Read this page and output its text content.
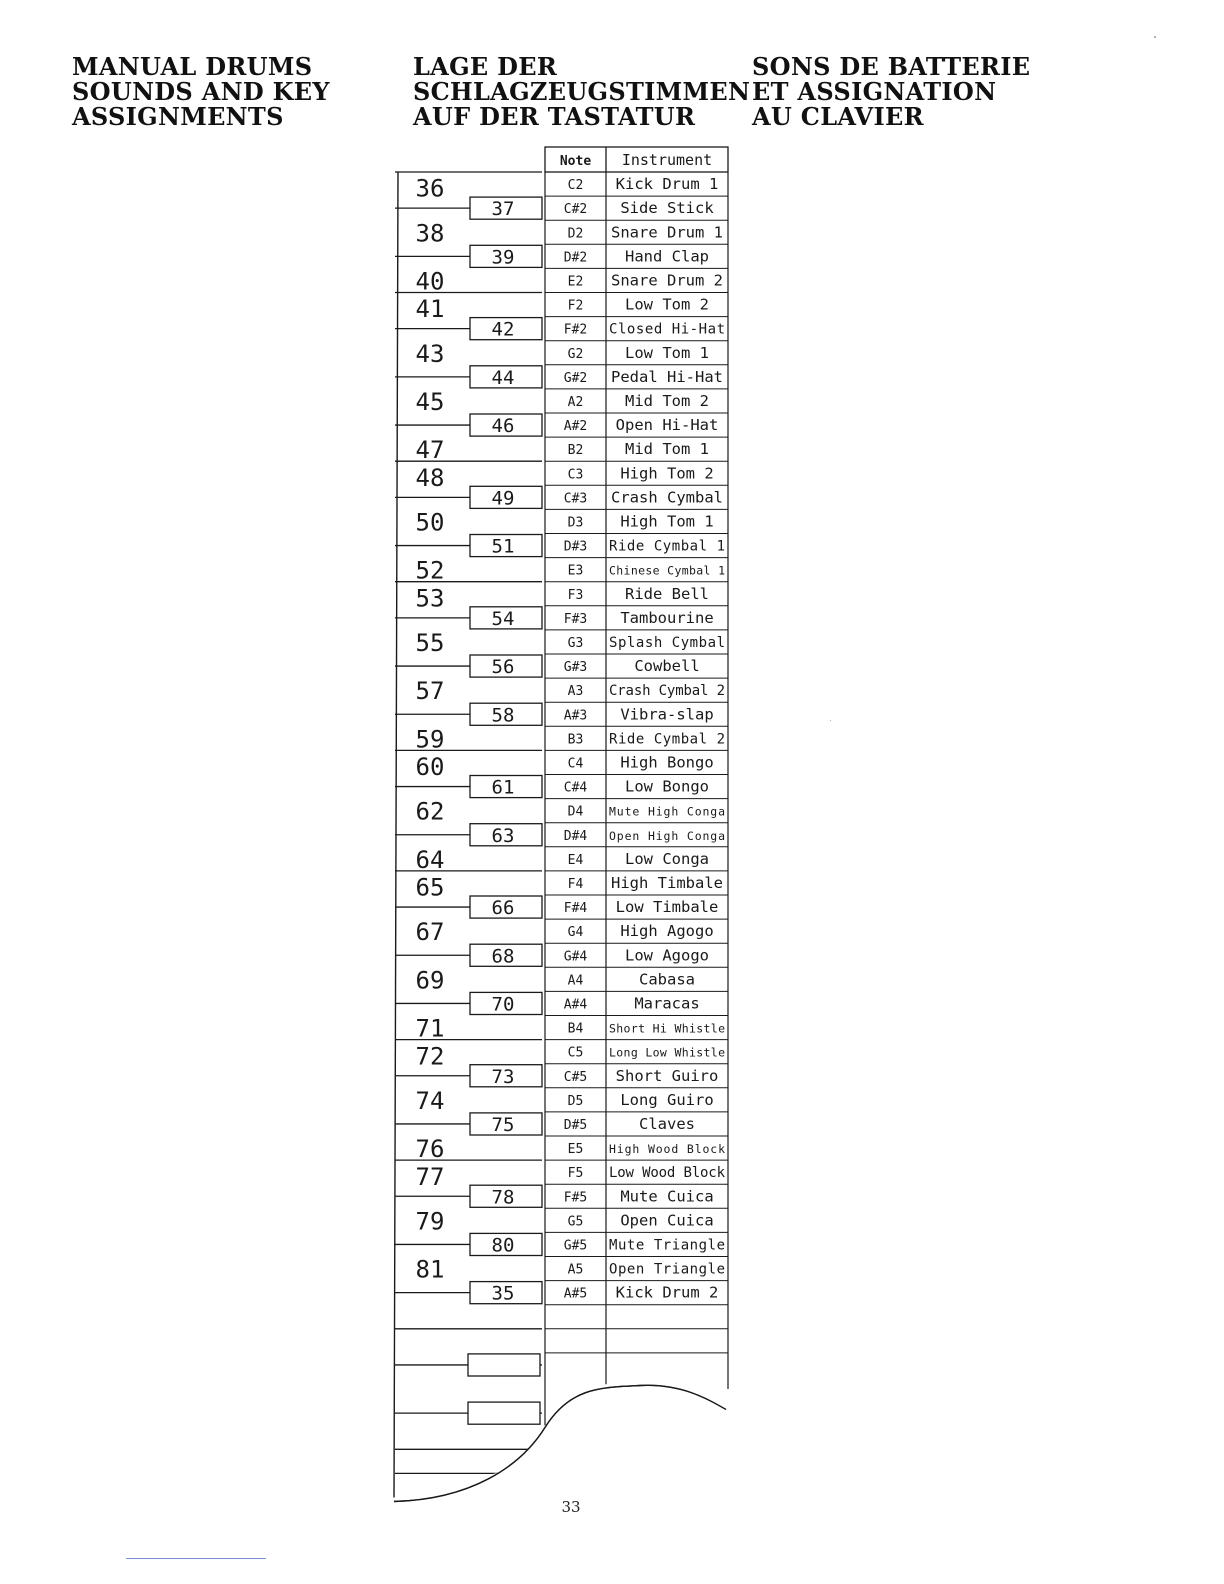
MANUAL DRUMS
SOUNDS AND KEY
ASSIGNMENTS
LAGE DER
SCHLAGZEUGSTIMMEN
AUF DER TASTATUR
SONS DE BATTERIE
ET ASSIGNATION
AU CLAVIER
36
37
38
39
40
41
42
43
44
45
46
47
48
49
50
51
52
53
54
55
56
57
58
59
60
61
62
63
64
65
66
67
68
69
70
71
72
73
74
75
76
77
78
79
80
81
35
Note Instrument
C2 Kick Drum 1
C#2 Side Stick
D2 Snare Drum 1
D#2 Hand Clap
E2 Snare Drum 2
F2	Low Tom 2
F#2 Closed Hi-Hat
G2	Low Tom 1
G#2 Pedal Hi-Hat
A2	Mid Tom 2
A#2 Open Hi-Hat
B2	Mid Tom 1
C3 High Tom 2
C#3 Crash Cymbal
D3 High Tom 1
D#3 Ride Cymbal 1
E3 Chinese Cymbal 1
F3	Ride Bell
F#3 Tambourine
G3 Splash Cymbal
G#3	Cowbell
A3 Crash Cymbal 2
A#3 Vibra-slap
B3 Ride Cymbal 2
C4 High Bongo
C#4 Low Bongo
D4 Mute High Conga
D#4 Open High Conga
E4	Low Conga
F4 High Timbale
F#4 Low Timbale
G4 High Agogo
G#4 Low Agogo
A4	Cabasa
A#4	Maracas
B4 Short Hi Whistle
C5 Long Low Whistle
C#5 Short Guiro
D5 Long Guiro
D#5	Claves
E5 High Wood Block
F5 Low Wood Block
F#5 Mute Cuica
G5 Open Cuica
G#5 Mute Triangle
A5 Open Triangle
A#5 Kick Drum 2
33
